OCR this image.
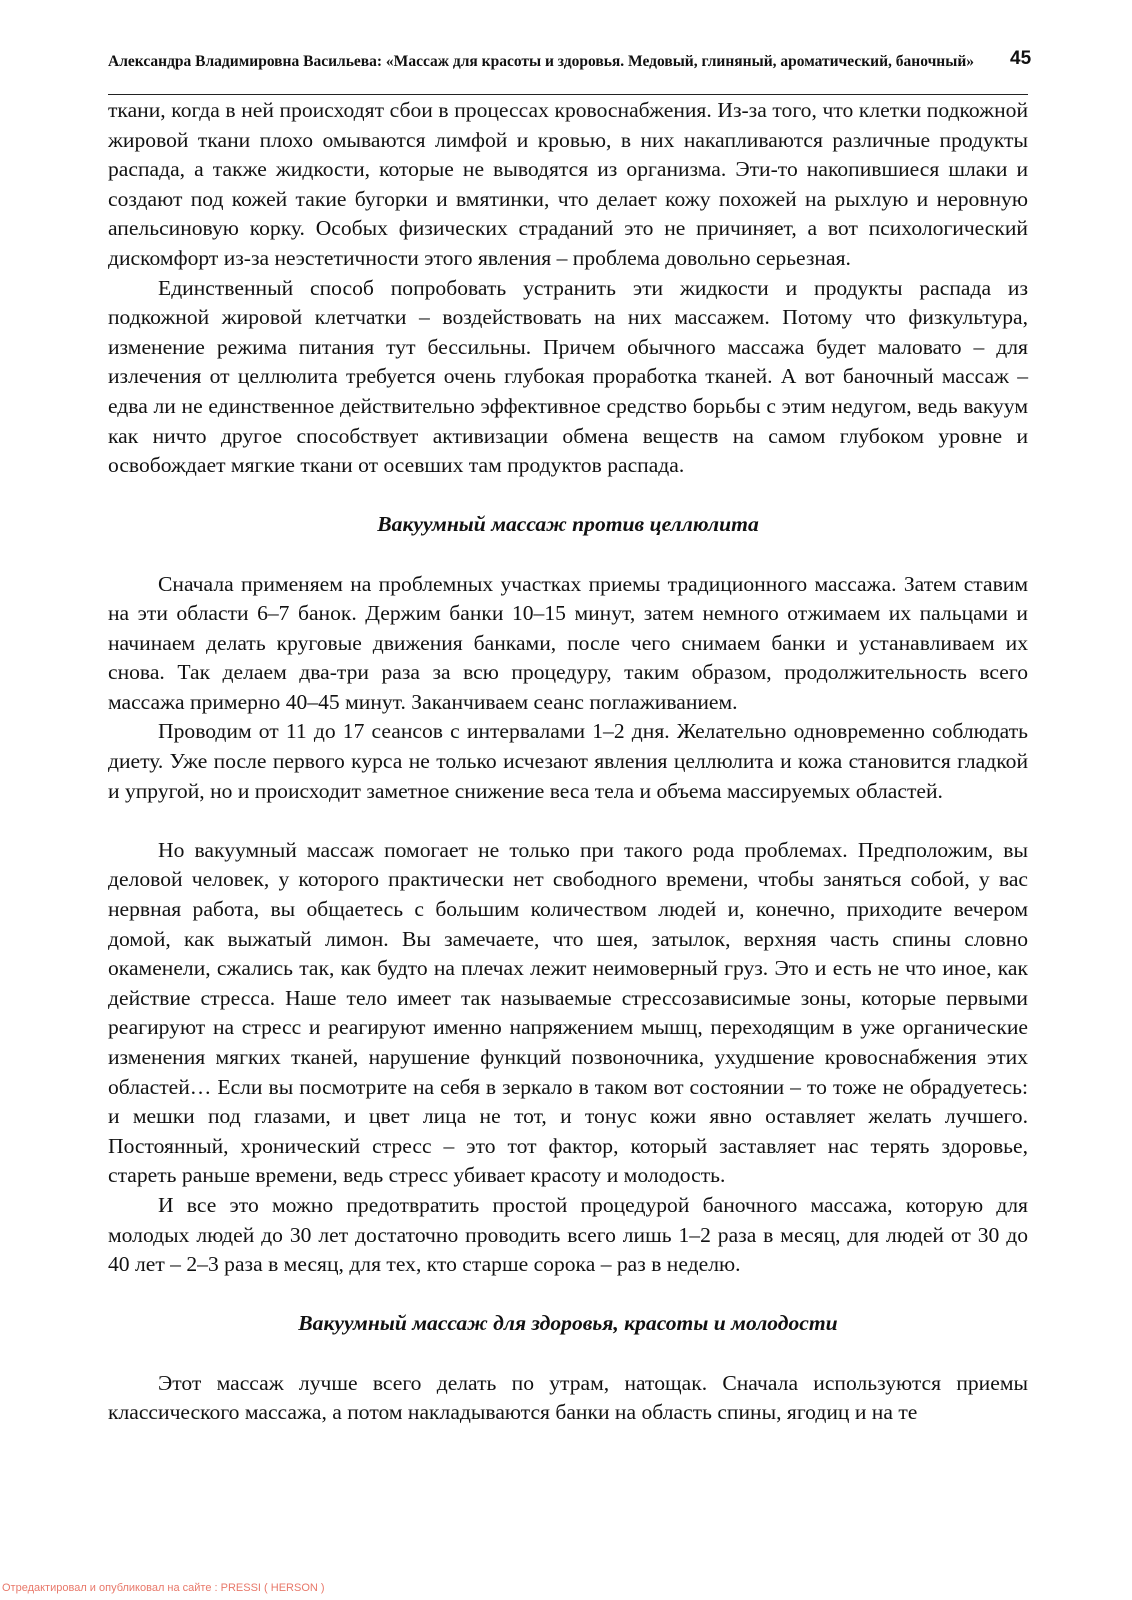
Александра Владимировна Васильева: «Массаж для красоты и здоровья. Медовый, глиняный, ароматический, баночный»	45

ткани, когда в ней происходят сбои в процессах кровоснабжения. Из-за того, что клетки подкожной жировой ткани плохо омываются лимфой и кровью, в них накапливаются различные продукты распада, а также жидкости, которые не выводятся из организма. Эти-то накопившиеся шлаки и создают под кожей такие бугорки и вмятинки, что делает кожу похожей на рыхлую и неровную апельсиновую корку. Особых физических страданий это не причиняет, а вот психологический дискомфорт из-за неэстетичности этого явления – проблема довольно серьезная.

Единственный способ попробовать устранить эти жидкости и продукты распада из подкожной жировой клетчатки – воздействовать на них массажем. Потому что физкультура, изменение режима питания тут бессильны. Причем обычного массажа будет маловато – для излечения от целлюлита требуется очень глубокая проработка тканей. А вот баночный массаж – едва ли не единственное действительно эффективное средство борьбы с этим недугом, ведь вакуум как ничто другое способствует активизации обмена веществ на самом глубоком уровне и освобождает мягкие ткани от осевших там продуктов распада.

Вакуумный массаж против целлюлита

Сначала применяем на проблемных участках приемы традиционного массажа. Затем ставим на эти области 6–7 банок. Держим банки 10–15 минут, затем немного отжимаем их пальцами и начинаем делать круговые движения банками, после чего снимаем банки и устанавливаем их снова. Так делаем два-три раза за всю процедуру, таким образом, продолжительность всего массажа примерно 40–45 минут. Заканчиваем сеанс поглаживанием.

Проводим от 11 до 17 сеансов с интервалами 1–2 дня. Желательно одновременно соблюдать диету. Уже после первого курса не только исчезают явления целлюлита и кожа становится гладкой и упругой, но и происходит заметное снижение веса тела и объема массируемых областей.

Но вакуумный массаж помогает не только при такого рода проблемах. Предположим, вы деловой человек, у которого практически нет свободного времени, чтобы заняться собой, у вас нервная работа, вы общаетесь с большим количеством людей и, конечно, приходите вечером домой, как выжатый лимон. Вы замечаете, что шея, затылок, верхняя часть спины словно окаменели, сжались так, как будто на плечах лежит неимоверный груз. Это и есть не что иное, как действие стресса. Наше тело имеет так называемые стрессозависимые зоны, которые первыми реагируют на стресс и реагируют именно напряжением мышц, переходящим в уже органические изменения мягких тканей, нарушение функций позвоночника, ухудшение кровоснабжения этих областей… Если вы посмотрите на себя в зеркало в таком вот состоянии – то тоже не обрадуетесь: и мешки под глазами, и цвет лица не тот, и тонус кожи явно оставляет желать лучшего. Постоянный, хронический стресс – это тот фактор, который заставляет нас терять здоровье, стареть раньше времени, ведь стресс убивает красоту и молодость.

И все это можно предотвратить простой процедурой баночного массажа, которую для молодых людей до 30 лет достаточно проводить всего лишь 1–2 раза в месяц, для людей от 30 до 40 лет – 2–3 раза в месяц, для тех, кто старше сорока – раз в неделю.

Вакуумный массаж для здоровья, красоты и молодости

Этот массаж лучше всего делать по утрам, натощак. Сначала используются приемы классического массажа, а потом накладываются банки на область спины, ягодиц и на те

Отредактировал и опубликовал на сайте : PRESSI ( HERSON )
